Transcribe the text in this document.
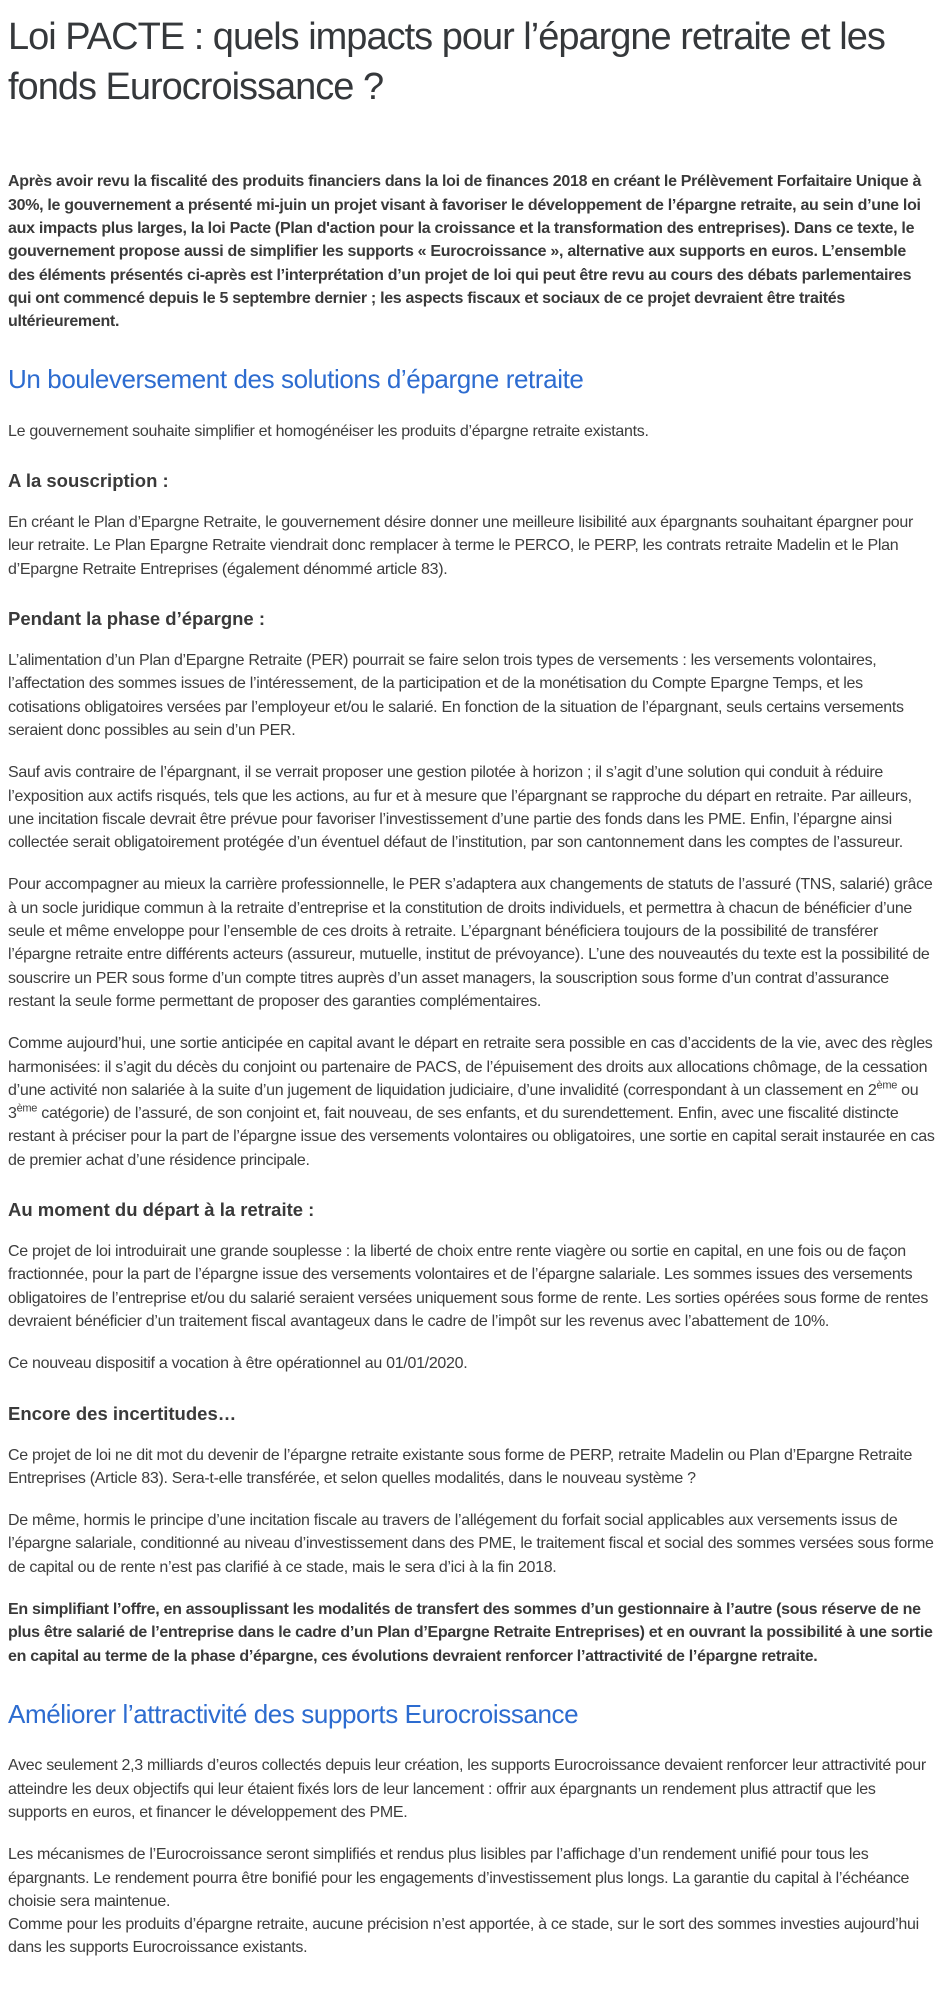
Loi PACTE : quels impacts pour l’épargne retraite et les fonds Eurocroissance ?

Après avoir revu la fiscalité des produits financiers dans la loi de finances 2018 en créant le Prélèvement Forfaitaire Unique à 30%, le gouvernement a présenté mi-juin un projet visant à favoriser le développement de l’épargne retraite, au sein d’une loi aux impacts plus larges, la loi Pacte (Plan d'action pour la croissance et la transformation des entreprises). Dans ce texte, le gouvernement propose aussi de simplifier les supports « Eurocroissance », alternative aux supports en euros. L’ensemble des éléments présentés ci-après est l’interprétation d’un projet de loi qui peut être revu au cours des débats parlementaires qui ont commencé depuis le 5 septembre dernier ; les aspects fiscaux et sociaux de ce projet devraient être traités ultérieurement.

Un bouleversement des solutions d’épargne retraite

Le gouvernement souhaite simplifier et homogénéiser les produits d’épargne retraite existants.

A la souscription :

En créant le Plan d’Epargne Retraite, le gouvernement désire donner une meilleure lisibilité aux épargnants souhaitant épargner pour leur retraite. Le Plan Epargne Retraite viendrait donc remplacer à terme le PERCO, le PERP, les contrats retraite Madelin et le Plan d’Epargne Retraite Entreprises (également dénommé article 83).

Pendant la phase d’épargne :

L’alimentation d’un Plan d’Epargne Retraite (PER) pourrait se faire selon trois types de versements : les versements volontaires, l’affectation des sommes issues de l’intéressement, de la participation et de la monétisation du Compte Epargne Temps, et les cotisations obligatoires versées par l’employeur et/ou le salarié. En fonction de la situation de l’épargnant, seuls certains versements seraient donc possibles au sein d’un PER.

Sauf avis contraire de l’épargnant, il se verrait proposer une gestion pilotée à horizon ; il s’agit d’une solution qui conduit à réduire l’exposition aux actifs risqués, tels que les actions, au fur et à mesure que l’épargnant se rapproche du départ en retraite. Par ailleurs, une incitation fiscale devrait être prévue pour favoriser l’investissement d’une partie des fonds dans les PME. Enfin, l’épargne ainsi collectée serait obligatoirement protégée d’un éventuel défaut de l’institution, par son cantonnement dans les comptes de l’assureur.

Pour accompagner au mieux la carrière professionnelle, le PER s’adaptera aux changements de statuts de l’assuré (TNS, salarié) grâce à un socle juridique commun à la retraite d’entreprise et la constitution de droits individuels, et permettra à chacun de bénéficier d’une seule et même enveloppe pour l’ensemble de ces droits à retraite. L’épargnant bénéficiera toujours de la possibilité de transférer l’épargne retraite entre différents acteurs (assureur, mutuelle, institut de prévoyance). L’une des nouveautés du texte est la possibilité de souscrire un PER sous forme d’un compte titres auprès d’un asset managers, la souscription sous forme d’un contrat d’assurance restant la seule forme permettant de proposer des garanties complémentaires.

Comme aujourd’hui, une sortie anticipée en capital avant le départ en retraite sera possible en cas d’accidents de la vie, avec des règles harmonisées: il s’agit du décès du conjoint ou partenaire de PACS, de l’épuisement des droits aux allocations chômage, de la cessation d’une activité non salariée à la suite d’un jugement de liquidation judiciaire, d’une invalidité (correspondant à un classement en 2ème ou 3ème catégorie) de l’assuré, de son conjoint et, fait nouveau, de ses enfants, et du surendettement. Enfin, avec une fiscalité distincte restant à préciser pour la part de l’épargne issue des versements volontaires ou obligatoires, une sortie en capital serait instaurée en cas de premier achat d’une résidence principale.

Au moment du départ à la retraite :

Ce projet de loi introduirait une grande souplesse : la liberté de choix entre rente viagère ou sortie en capital, en une fois ou de façon fractionnée, pour la part de l’épargne issue des versements volontaires et de l’épargne salariale. Les sommes issues des versements obligatoires de l’entreprise et/ou du salarié seraient versées uniquement sous forme de rente. Les sorties opérées sous forme de rentes devraient bénéficier d’un traitement fiscal avantageux dans le cadre de l’impôt sur les revenus avec l’abattement de 10%.

Ce nouveau dispositif a vocation à être opérationnel au 01/01/2020.

Encore des incertitudes…

Ce projet de loi ne dit mot du devenir de l’épargne retraite existante sous forme de PERP, retraite Madelin ou Plan d’Epargne Retraite Entreprises (Article 83). Sera-t-elle transférée, et selon quelles modalités, dans le nouveau système ?

De même, hormis le principe d’une incitation fiscale au travers de l’allégement du forfait social applicables aux versements issus de l’épargne salariale, conditionné au niveau d’investissement dans des PME, le traitement fiscal et social des sommes versées sous forme de capital ou de rente n’est pas clarifié à ce stade, mais le sera d’ici à la fin 2018.

En simplifiant l’offre, en assouplissant les modalités de transfert des sommes d’un gestionnaire à l’autre (sous réserve de ne plus être salarié de l’entreprise dans le cadre d’un Plan d’Epargne Retraite Entreprises) et en ouvrant la possibilité à une sortie en capital au terme de la phase d’épargne, ces évolutions devraient renforcer l’attractivité de l’épargne retraite.

Améliorer l’attractivité des supports Eurocroissance

Avec seulement 2,3 milliards d’euros collectés depuis leur création, les supports Eurocroissance devaient renforcer leur attractivité pour atteindre les deux objectifs qui leur étaient fixés lors de leur lancement : offrir aux épargnants un rendement plus attractif que les supports en euros, et financer le développement des PME.

Les mécanismes de l’Eurocroissance seront simplifiés et rendus plus lisibles par l’affichage d’un rendement unifié pour tous les épargnants. Le rendement pourra être bonifié pour les engagements d’investissement plus longs. La garantie du capital à l’échéance choisie sera maintenue.
Comme pour les produits d’épargne retraite, aucune précision n’est apportée, à ce stade, sur le sort des sommes investies aujourd’hui dans les supports Eurocroissance existants.
